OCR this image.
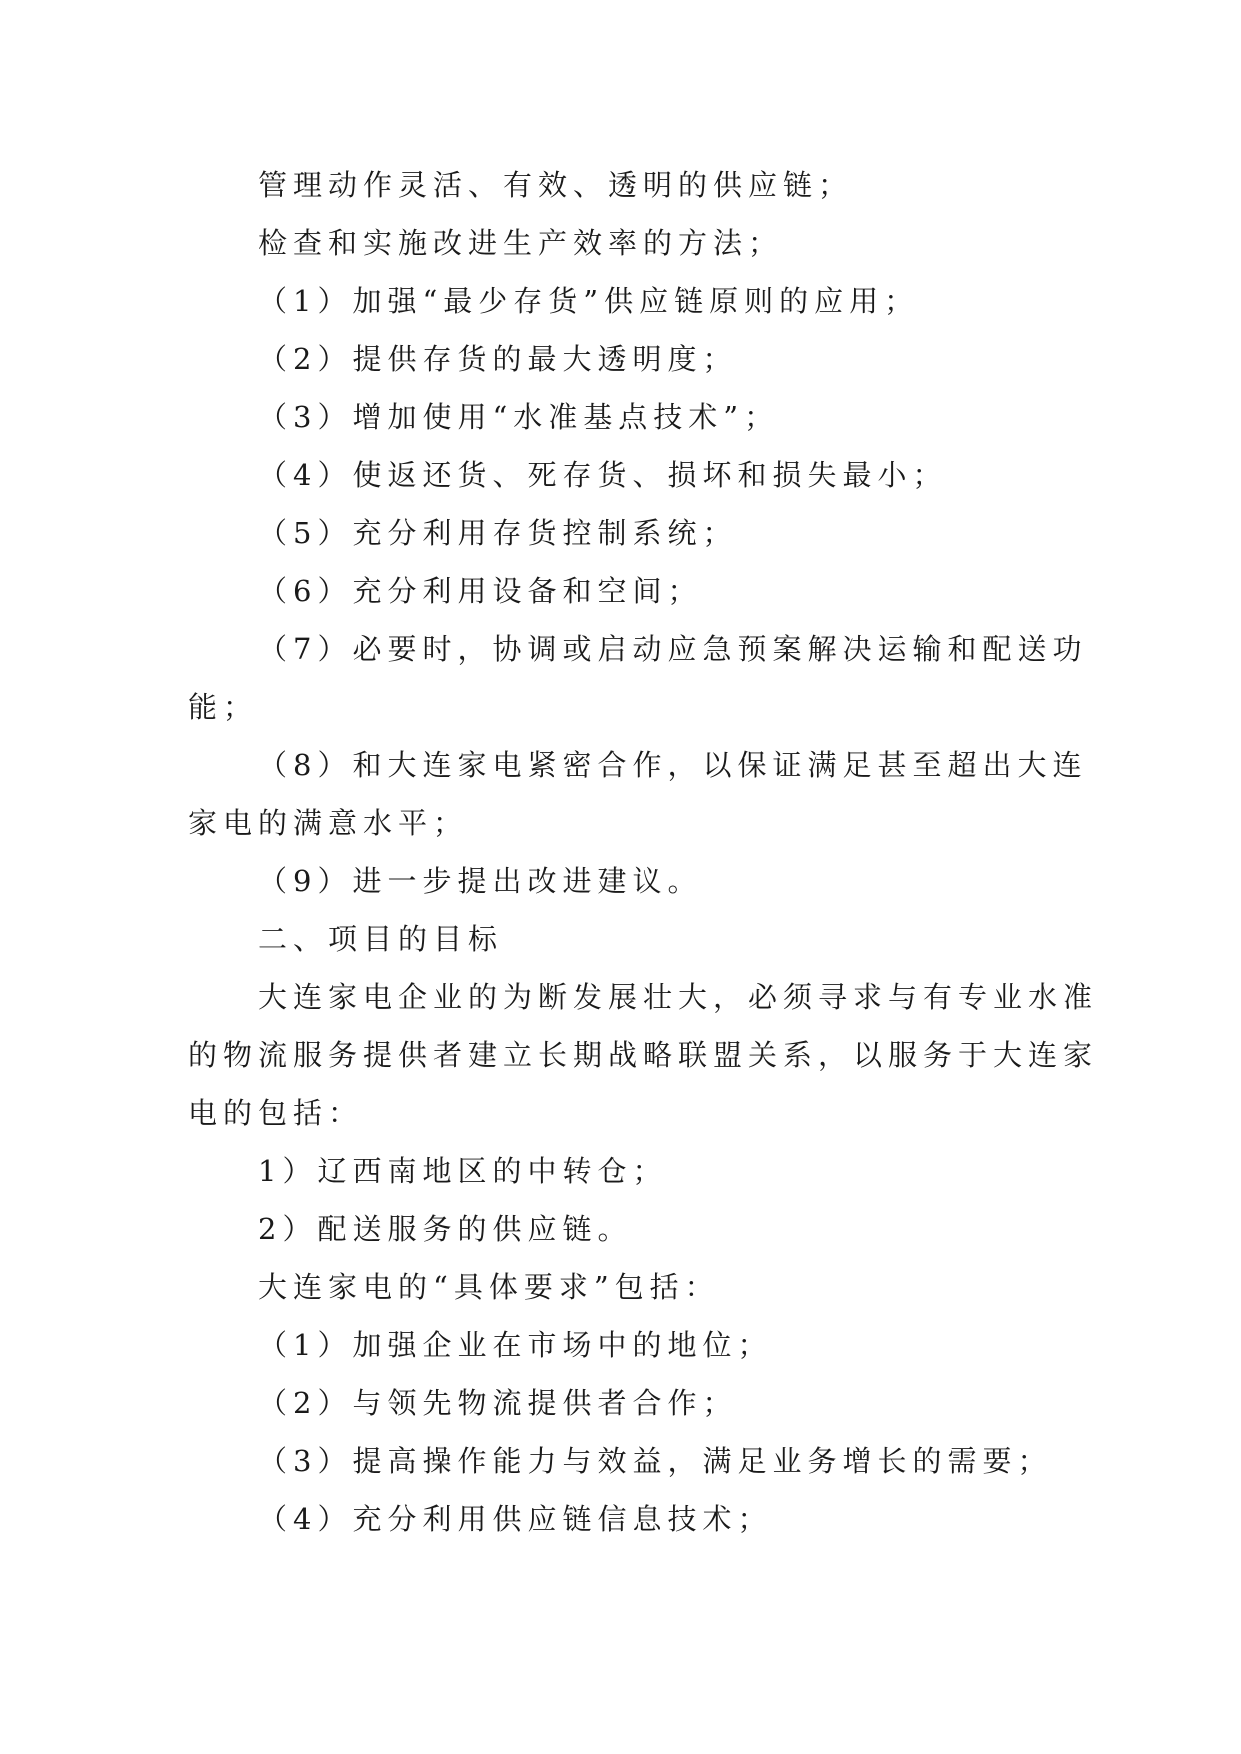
管理动作灵活、有效、透明的供应链；
检查和实施改进生产效率的方法；
（1）加强“最少存货”供应链原则的应用；
（2）提供存货的最大透明度；
（3）增加使用“水准基点技术”；
（4）使返还货、死存货、损坏和损失最小；
（5）充分利用存货控制系统；
（6）充分利用设备和空间；
（7）必要时，协调或启动应急预案解决运输和配送功
能；
（8）和大连家电紧密合作，以保证满足甚至超出大连
家电的满意水平；
（9）进一步提出改进建议。
二、项目的目标
大连家电企业的为断发展壮大，必须寻求与有专业水准
的物流服务提供者建立长期战略联盟关系，以服务于大连家
电的包括：
1）辽西南地区的中转仓；
2）配送服务的供应链。
大连家电的“具体要求”包括：
（1）加强企业在市场中的地位；
（2）与领先物流提供者合作；
（3）提高操作能力与效益，满足业务增长的需要；
（4）充分利用供应链信息技术；
